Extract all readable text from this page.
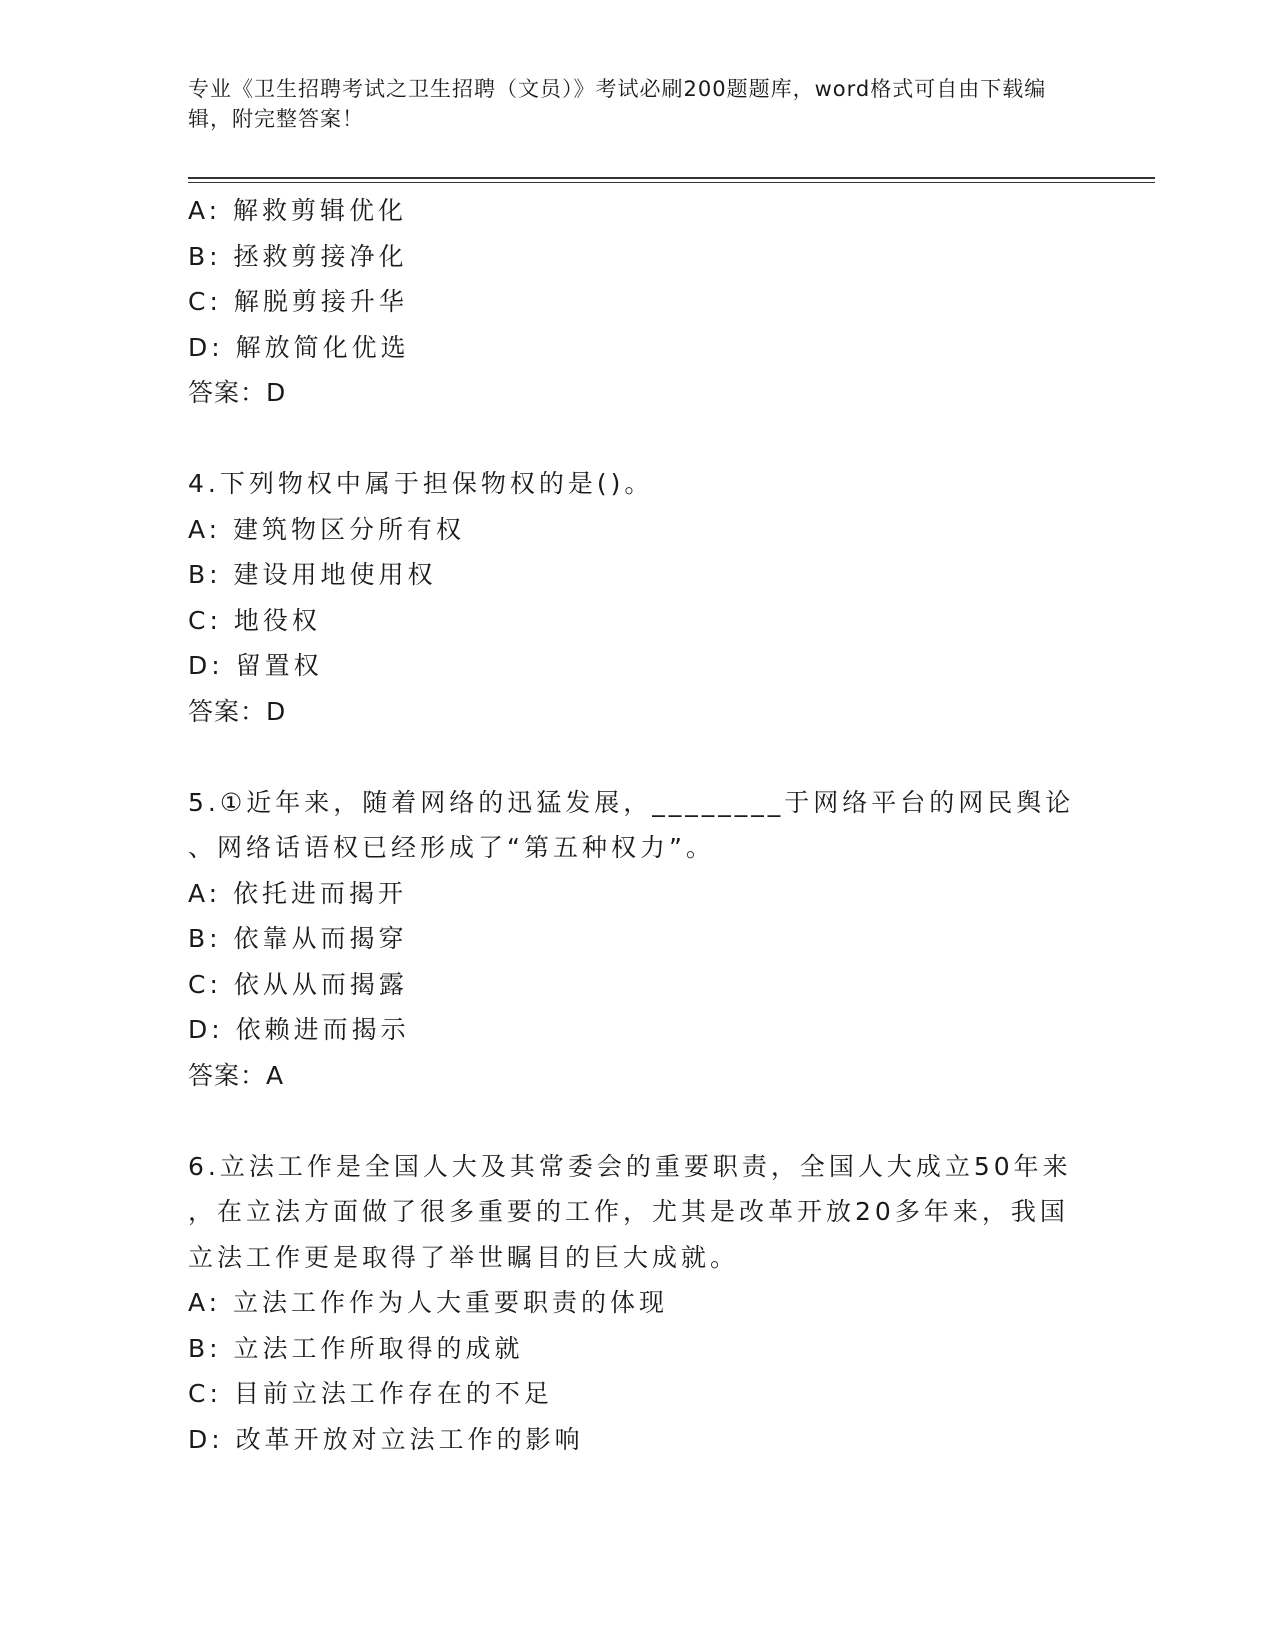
专业《卫生招聘考试之卫生招聘（文员）》考试必刷200题题库，word格式可自由下载编辑，附完整答案！
A: 解救剪辑优化
B: 拯救剪接净化
C: 解脱剪接升华
D: 解放简化优选
答案：D
4.下列物权中属于担保物权的是()。
A: 建筑物区分所有权
B: 建设用地使用权
C: 地役权
D: 留置权
答案：D
5.①近年来，随着网络的迅猛发展，________于网络平台的网民舆论
、网络话语权已经形成了“第五种权力”。
A: 依托进而揭开
B: 依靠从而揭穿
C: 依从从而揭露
D: 依赖进而揭示
答案：A
6.立法工作是全国人大及其常委会的重要职责，全国人大成立50年来
，在立法方面做了很多重要的工作，尤其是改革开放20多年来，我国
立法工作更是取得了举世瞩目的巨大成就。
A: 立法工作作为人大重要职责的体现
B: 立法工作所取得的成就
C: 目前立法工作存在的不足
D: 改革开放对立法工作的影响
